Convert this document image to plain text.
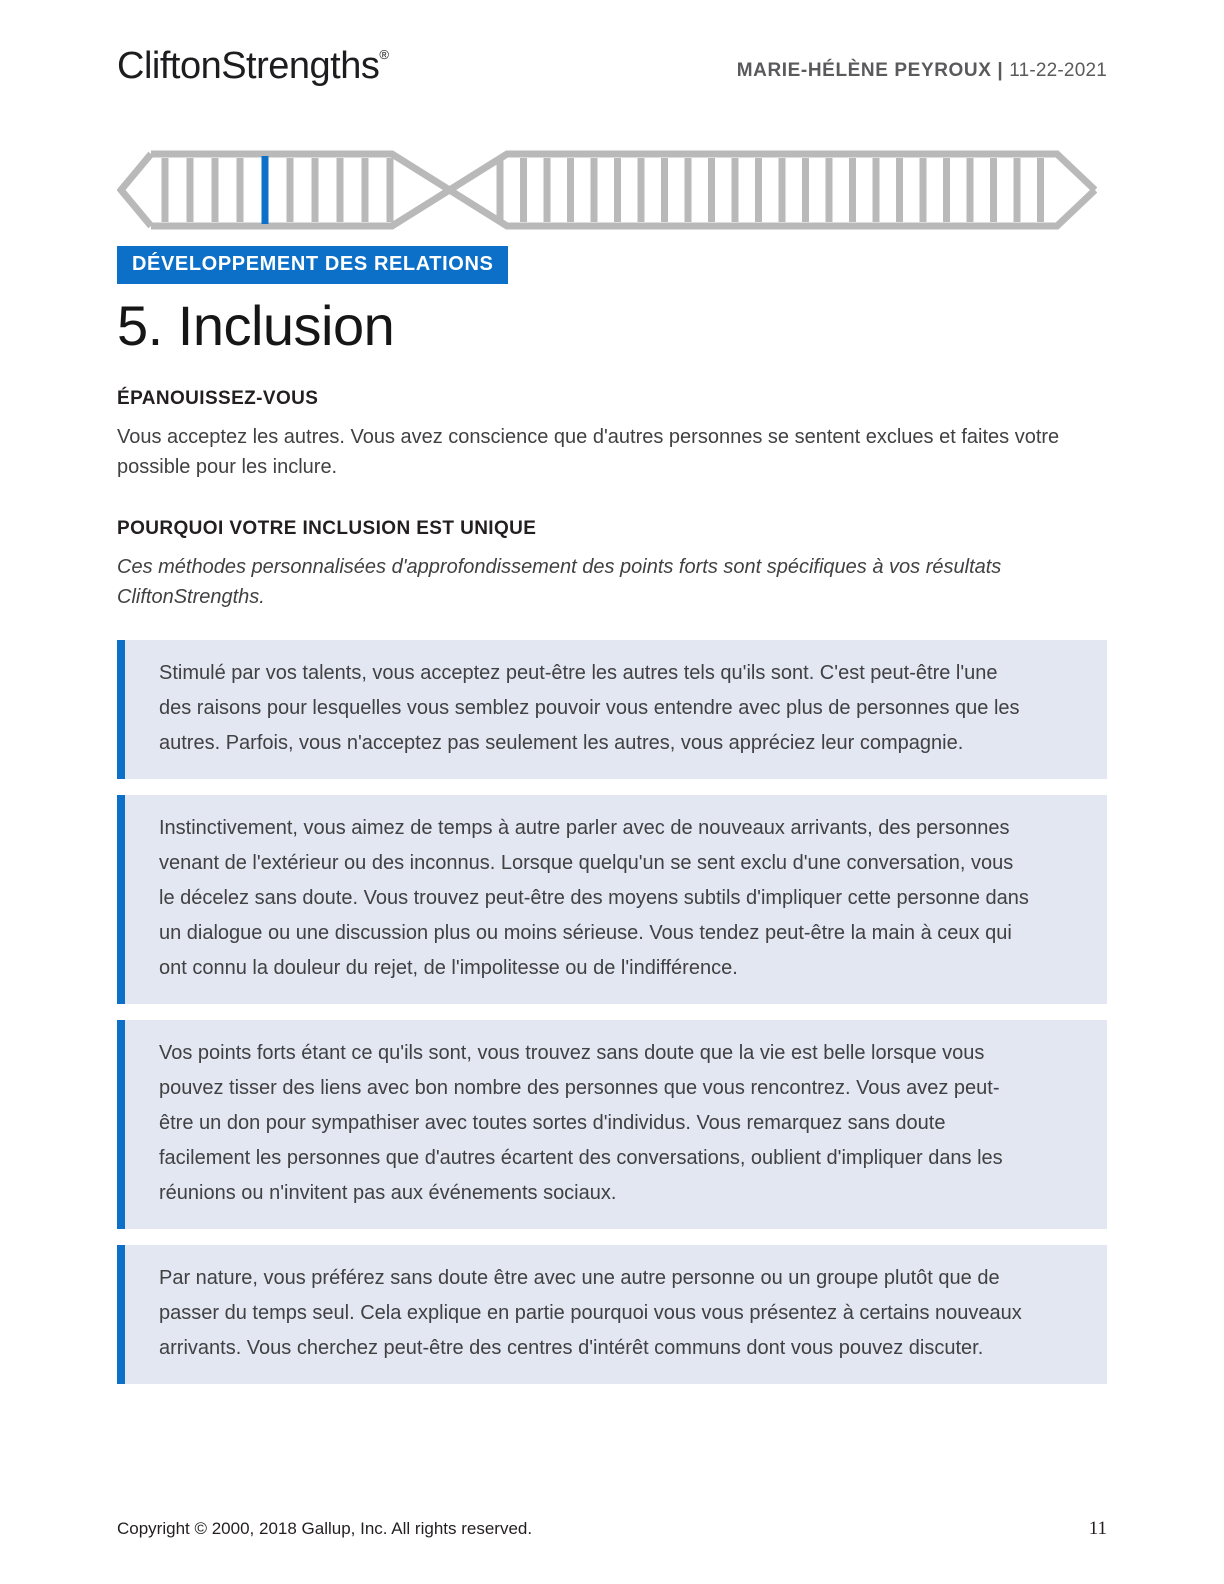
CliftonStrengths®
MARIE-HÉLÈNE PEYROUX | 11-22-2021
DÉVELOPPEMENT DES RELATIONS
5. Inclusion
ÉPANOUISSEZ-VOUS

Vous acceptez les autres. Vous avez conscience que d'autres personnes se sentent exclues et faites votre possible pour les inclure.

POURQUOI VOTRE INCLUSION EST UNIQUE

Ces méthodes personnalisées d'approfondissement des points forts sont spécifiques à vos résultats CliftonStrengths.

Stimulé par vos talents, vous acceptez peut-être les autres tels qu'ils sont. C'est peut-être l'une des raisons pour lesquelles vous semblez pouvoir vous entendre avec plus de personnes que les autres. Parfois, vous n'acceptez pas seulement les autres, vous appréciez leur compagnie.

Instinctivement, vous aimez de temps à autre parler avec de nouveaux arrivants, des personnes venant de l'extérieur ou des inconnus. Lorsque quelqu'un se sent exclu d'une conversation, vous le décelez sans doute. Vous trouvez peut-être des moyens subtils d'impliquer cette personne dans un dialogue ou une discussion plus ou moins sérieuse. Vous tendez peut-être la main à ceux qui ont connu la douleur du rejet, de l'impolitesse ou de l'indifférence.

Vos points forts étant ce qu'ils sont, vous trouvez sans doute que la vie est belle lorsque vous pouvez tisser des liens avec bon nombre des personnes que vous rencontrez. Vous avez peut-être un don pour sympathiser avec toutes sortes d'individus. Vous remarquez sans doute facilement les personnes que d'autres écartent des conversations, oublient d'impliquer dans les réunions ou n'invitent pas aux événements sociaux.

Par nature, vous préférez sans doute être avec une autre personne ou un groupe plutôt que de passer du temps seul. Cela explique en partie pourquoi vous vous présentez à certains nouveaux arrivants. Vous cherchez peut-être des centres d'intérêt communs dont vous pouvez discuter.

Copyright © 2000, 2018 Gallup, Inc. All rights reserved.	11
